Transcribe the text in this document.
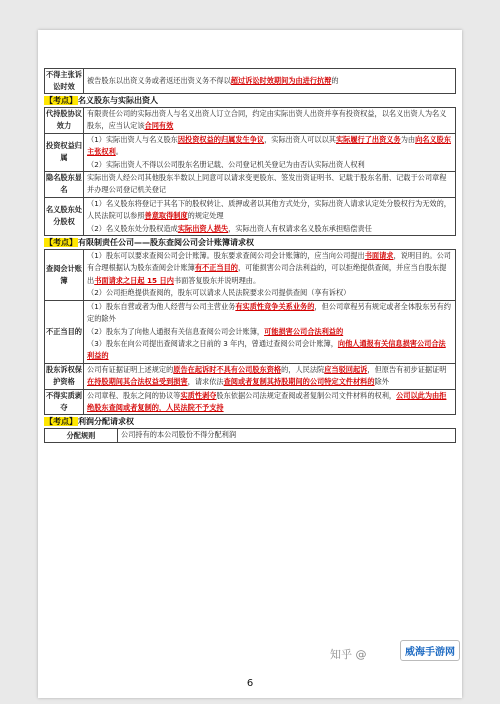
不得主张诉讼时效	被告股东以出资义务或者返还出资义务不得以超过诉讼时效期间为由进行抗辩的
【考点】名义股东与实际出资人
代持股协议效力	有限责任公司的实际出资人与名义出资人订立合同，约定由实际出资人出资并享有投资权益，以名义出资人为名义股东，应当认定该合同有效
投资权益归属	（1）实际出资人与名义股东因投资权益的归属发生争议，实际出资人可以以其实际履行了出资义务为由向名义股东主张权利。
（2）实际出资人不得以公司股东名册记载、公司登记机关登记为由否认实际出资人权利

隐名股东显名	实际出资人经公司其他股东半数以上同意可以请求变更股东、签发出资证明书、记载于股东名册、记载于公司章程并办理公司登记机关登记
名义股东处分股权	（1）名义股东将登记于其名下的股权转让、质押或者以其他方式处分，实际出资人请求认定处分股权行为无效的，人民法院可以参照善意取得制度的规定处理
（2）名义股东处分股权造成实际出资人损失，实际出资人有权请求名义股东承担赔偿责任
【考点】有限制责任公司——股东查阅公司会计账簿请求权
查阅会计账簿	（1）股东可以要求查阅公司会计账簿。股东要求查阅公司会计账簿的，应当向公司提出书面请求，说明目的。公司有合理根据认为股东查阅会计账簿有不正当目的，可能损害公司合法利益的，可以拒绝提供查阅，并应当自股东提出书面请求之日起 15 日内书面答复股东并说明理由。
（2）公司拒绝提供查阅的，股东可以请求人民法院要求公司提供查阅（享有诉权）

不正当目的	（1）股东自营或者为他人经营与公司主营业务有实质性竞争关系业务的，但公司章程另有规定或者全体股东另有约定的除外
（2）股东为了向他人通报有关信息查阅公司会计账簿，可能损害公司合法利益的
（3）股东在向公司提出查阅请求之日前的 3 年内，曾通过查阅公司会计账簿，向他人通报有关信息损害公司合法利益的

股东诉权保护资格	公司有证据证明上述规定的原告在起诉时不具有公司股东资格的，人民法院应当驳回起诉，但原告有初步证据证明在持股期间其合法权益受到损害，请求依法查阅或者复制其持股期间的公司特定文件材料的除外
不得实质剥夺	公司章程、股东之间的协议等实质性剥夺股东依据公司法规定查阅或者复制公司文件材料的权利，公司以此为由拒绝股东查阅或者复制的，人民法院不予支持
【考点】利润分配请求权
分配规则	公司持有的本公司股份不得分配利润
6
知乎 @	威海手游网
